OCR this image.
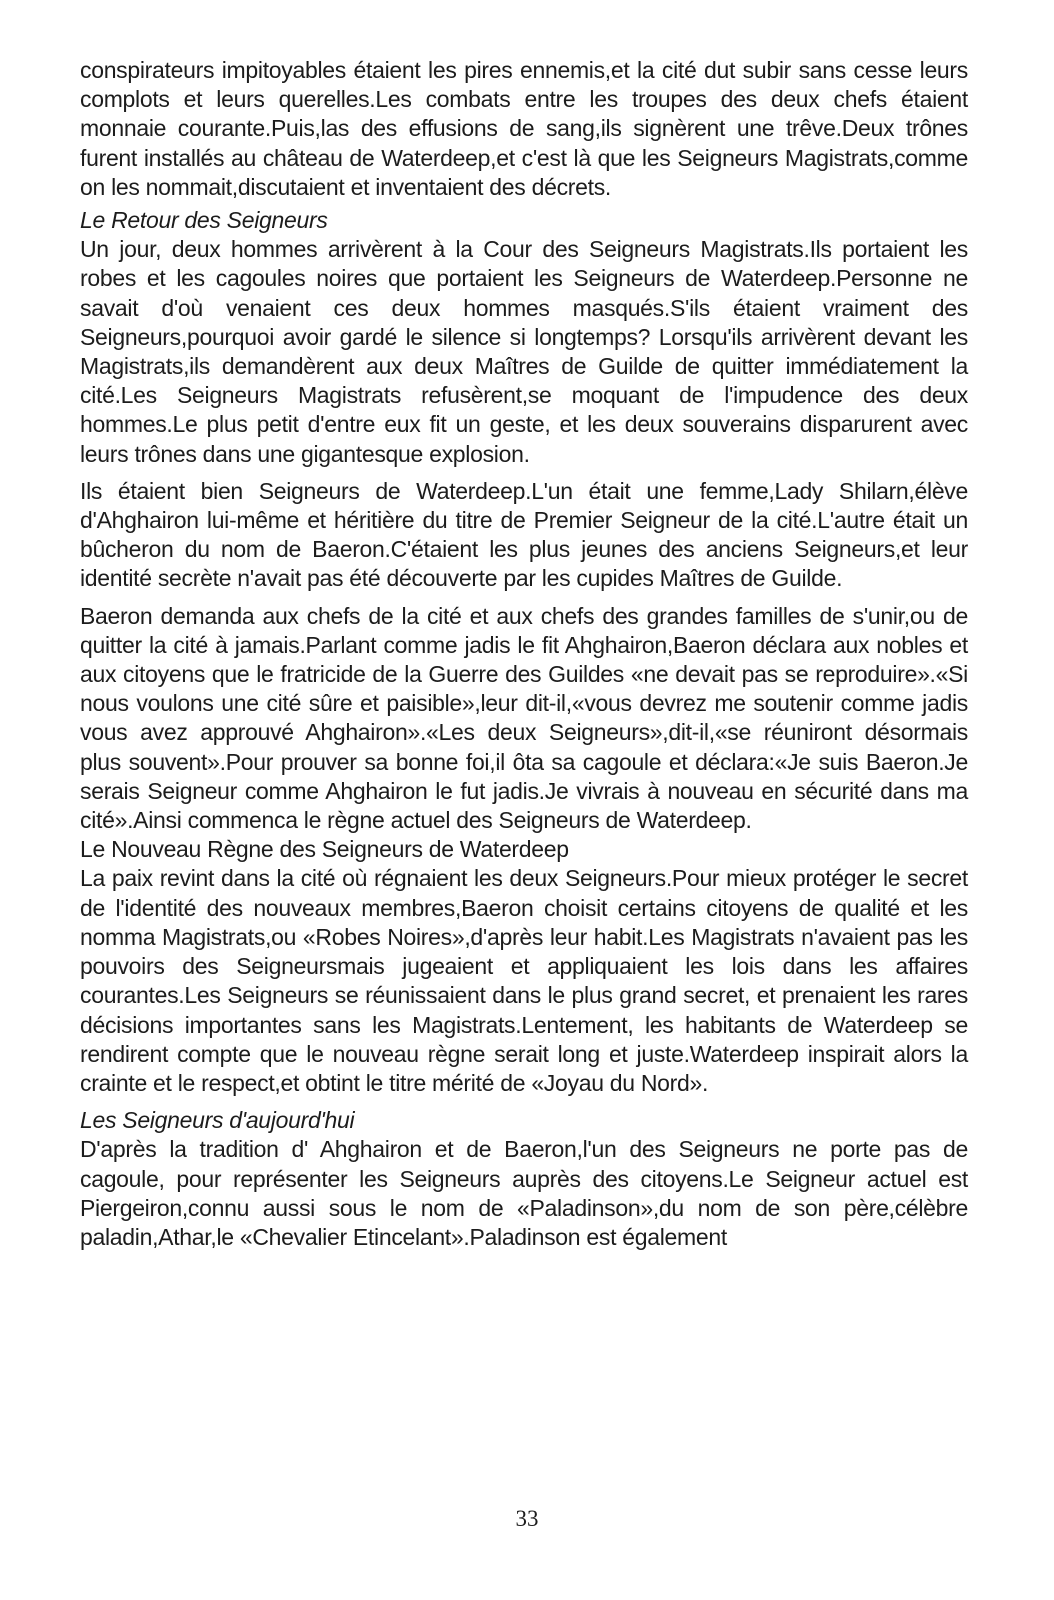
conspirateurs impitoyables étaient les pires ennemis,et la cité dut subir sans cesse leurs complots et leurs querelles.Les combats entre les troupes des deux chefs étaient monnaie courante.Puis,las des effusions de sang,ils signèrent une trêve.Deux trônes furent installés au château de Waterdeep,et c'est là que les Seigneurs Magistrats,comme on les nommait,discutaient et inventaient des décrets.

Le Retour des Seigneurs

Un jour, deux hommes arrivèrent à la Cour des Seigneurs Magistrats.Ils portaient les robes et les cagoules noires que portaient les Seigneurs de Waterdeep.Personne ne savait d'où venaient ces deux hommes masqués.S'ils étaient vraiment des Seigneurs,pourquoi avoir gardé le silence si longtemps? Lorsqu'ils arrivèrent devant les Magistrats,ils demandèrent aux deux Maîtres de Guilde de quitter immédiatement la cité.Les Seigneurs Magistrats refusèrent,se moquant de l'impudence des deux hommes.Le plus petit d'entre eux fit un geste, et les deux souverains disparurent avec leurs trônes dans une gigantesque explosion.

Ils étaient bien Seigneurs de Waterdeep.L'un était une femme,Lady Shilarn,élève d'Ahghairon lui-même et héritière du titre de Premier Seigneur de la cité.L'autre était un bûcheron du nom de Baeron.C'étaient les plus jeunes des anciens Seigneurs,et leur identité secrète n'avait pas été découverte par les cupides Maîtres de Guilde.

Baeron demanda aux chefs de la cité et aux chefs des grandes familles de s'unir,ou de quitter la cité à jamais.Parlant comme jadis le fit Ahghairon,Baeron déclara aux nobles et aux citoyens que le fratricide de la Guerre des Guildes «ne devait pas se reproduire».«Si nous voulons une cité sûre et paisible»,leur dit-il,«vous devrez me soutenir comme jadis vous avez approuvé Ahghairon».«Les deux Seigneurs»,dit-il,«se réuniront désormais plus souvent».Pour prouver sa bonne foi,il ôta sa cagoule et déclara:«Je suis Baeron.Je serais Seigneur comme Ahghairon le fut jadis.Je vivrais à nouveau en sécurité dans ma cité».Ainsi commenca le règne actuel des Seigneurs de Waterdeep.

Le Nouveau Règne des Seigneurs de Waterdeep

La paix revint dans la cité où régnaient les deux Seigneurs.Pour mieux protéger le secret de l'identité des nouveaux membres,Baeron choisit certains citoyens de qualité et les nomma Magistrats,ou «Robes Noires»,d'après leur habit.Les Magistrats n'avaient pas les pouvoirs des Seigneursmais jugeaient et appliquaient les lois dans les affaires courantes.Les Seigneurs se réunissaient dans le plus grand secret, et prenaient les rares décisions importantes sans les Magistrats.Lentement, les habitants de Waterdeep se rendirent compte que le nouveau règne serait long et juste.Waterdeep inspirait alors la crainte et le respect,et obtint le titre mérité de «Joyau du Nord».

Les Seigneurs d'aujourd'hui

D'après la tradition d' Ahghairon et de Baeron,l'un des Seigneurs ne porte pas de cagoule, pour représenter les Seigneurs auprès des citoyens.Le Seigneur actuel est Piergeiron,connu aussi sous le nom de «Paladinson»,du nom de son père,célèbre paladin,Athar,le «Chevalier Etincelant».Paladinson est également

33
